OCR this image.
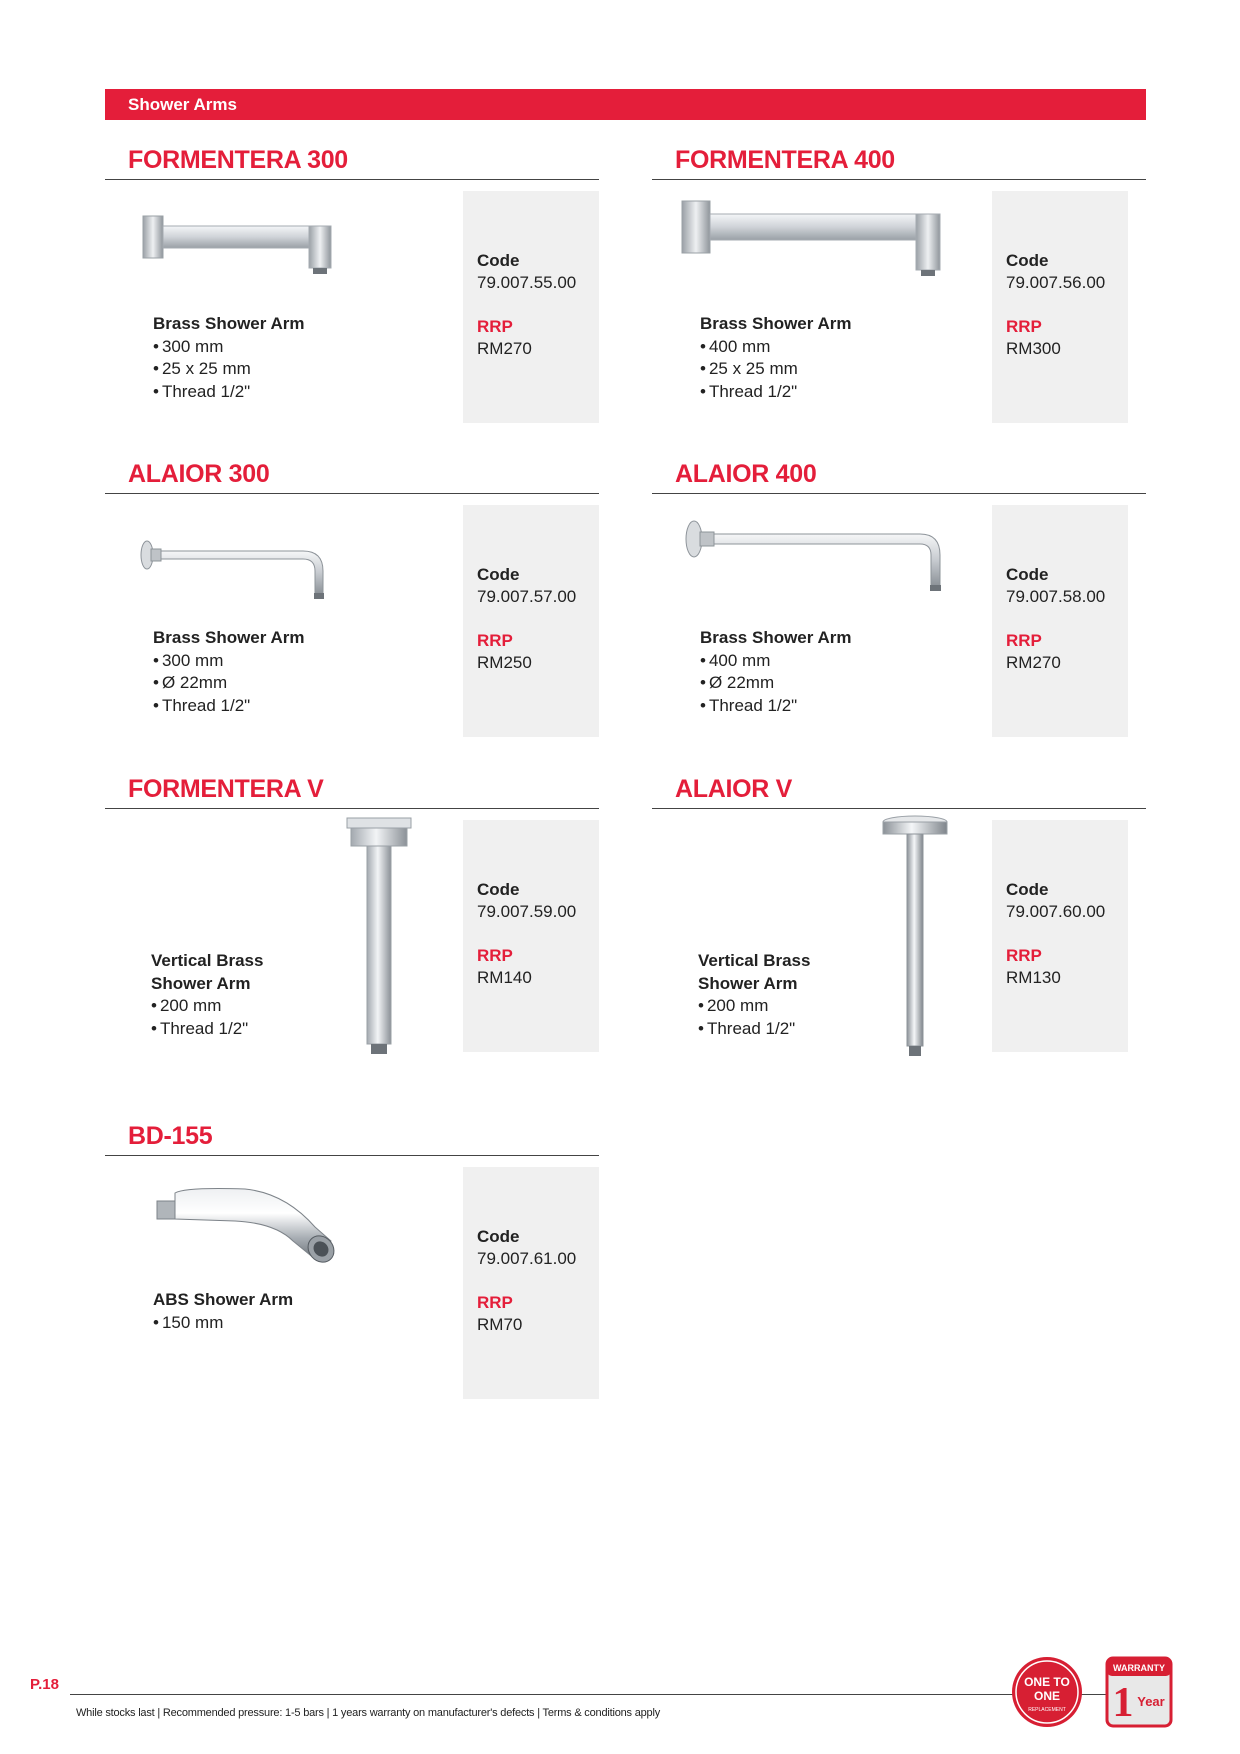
Shower Arms
FORMENTERA 300
Brass Shower Arm
• 300 mm
• 25 x 25 mm
• Thread 1/2"
Code
79.007.55.00
RRP
RM270
FORMENTERA 400
Brass Shower Arm
• 400 mm
• 25 x 25 mm
• Thread 1/2"
Code
79.007.56.00
RRP
RM300
ALAIOR 300
Brass Shower Arm
• 300 mm
• Ø 22mm
• Thread 1/2"
Code
79.007.57.00
RRP
RM250
ALAIOR 400
Brass Shower Arm
• 400 mm
• Ø 22mm
• Thread 1/2"
Code
79.007.58.00
RRP
RM270
FORMENTERA V
Vertical Brass
Shower Arm
• 200 mm
• Thread 1/2"
Code
79.007.59.00
RRP
RM140
ALAIOR V
Vertical Brass
Shower Arm
• 200 mm
• Thread 1/2"
Code
79.007.60.00
RRP
RM130
BD-155
ABS Shower Arm
• 150 mm
Code
79.007.61.00
RRP
RM70
P.18
While stocks last | Recommended pressure: 1-5 bars | 1 years warranty on manufacturer's defects | Terms & conditions apply
ONE TO
ONE
REPLACEMENT
WARRANTY
1 Year
